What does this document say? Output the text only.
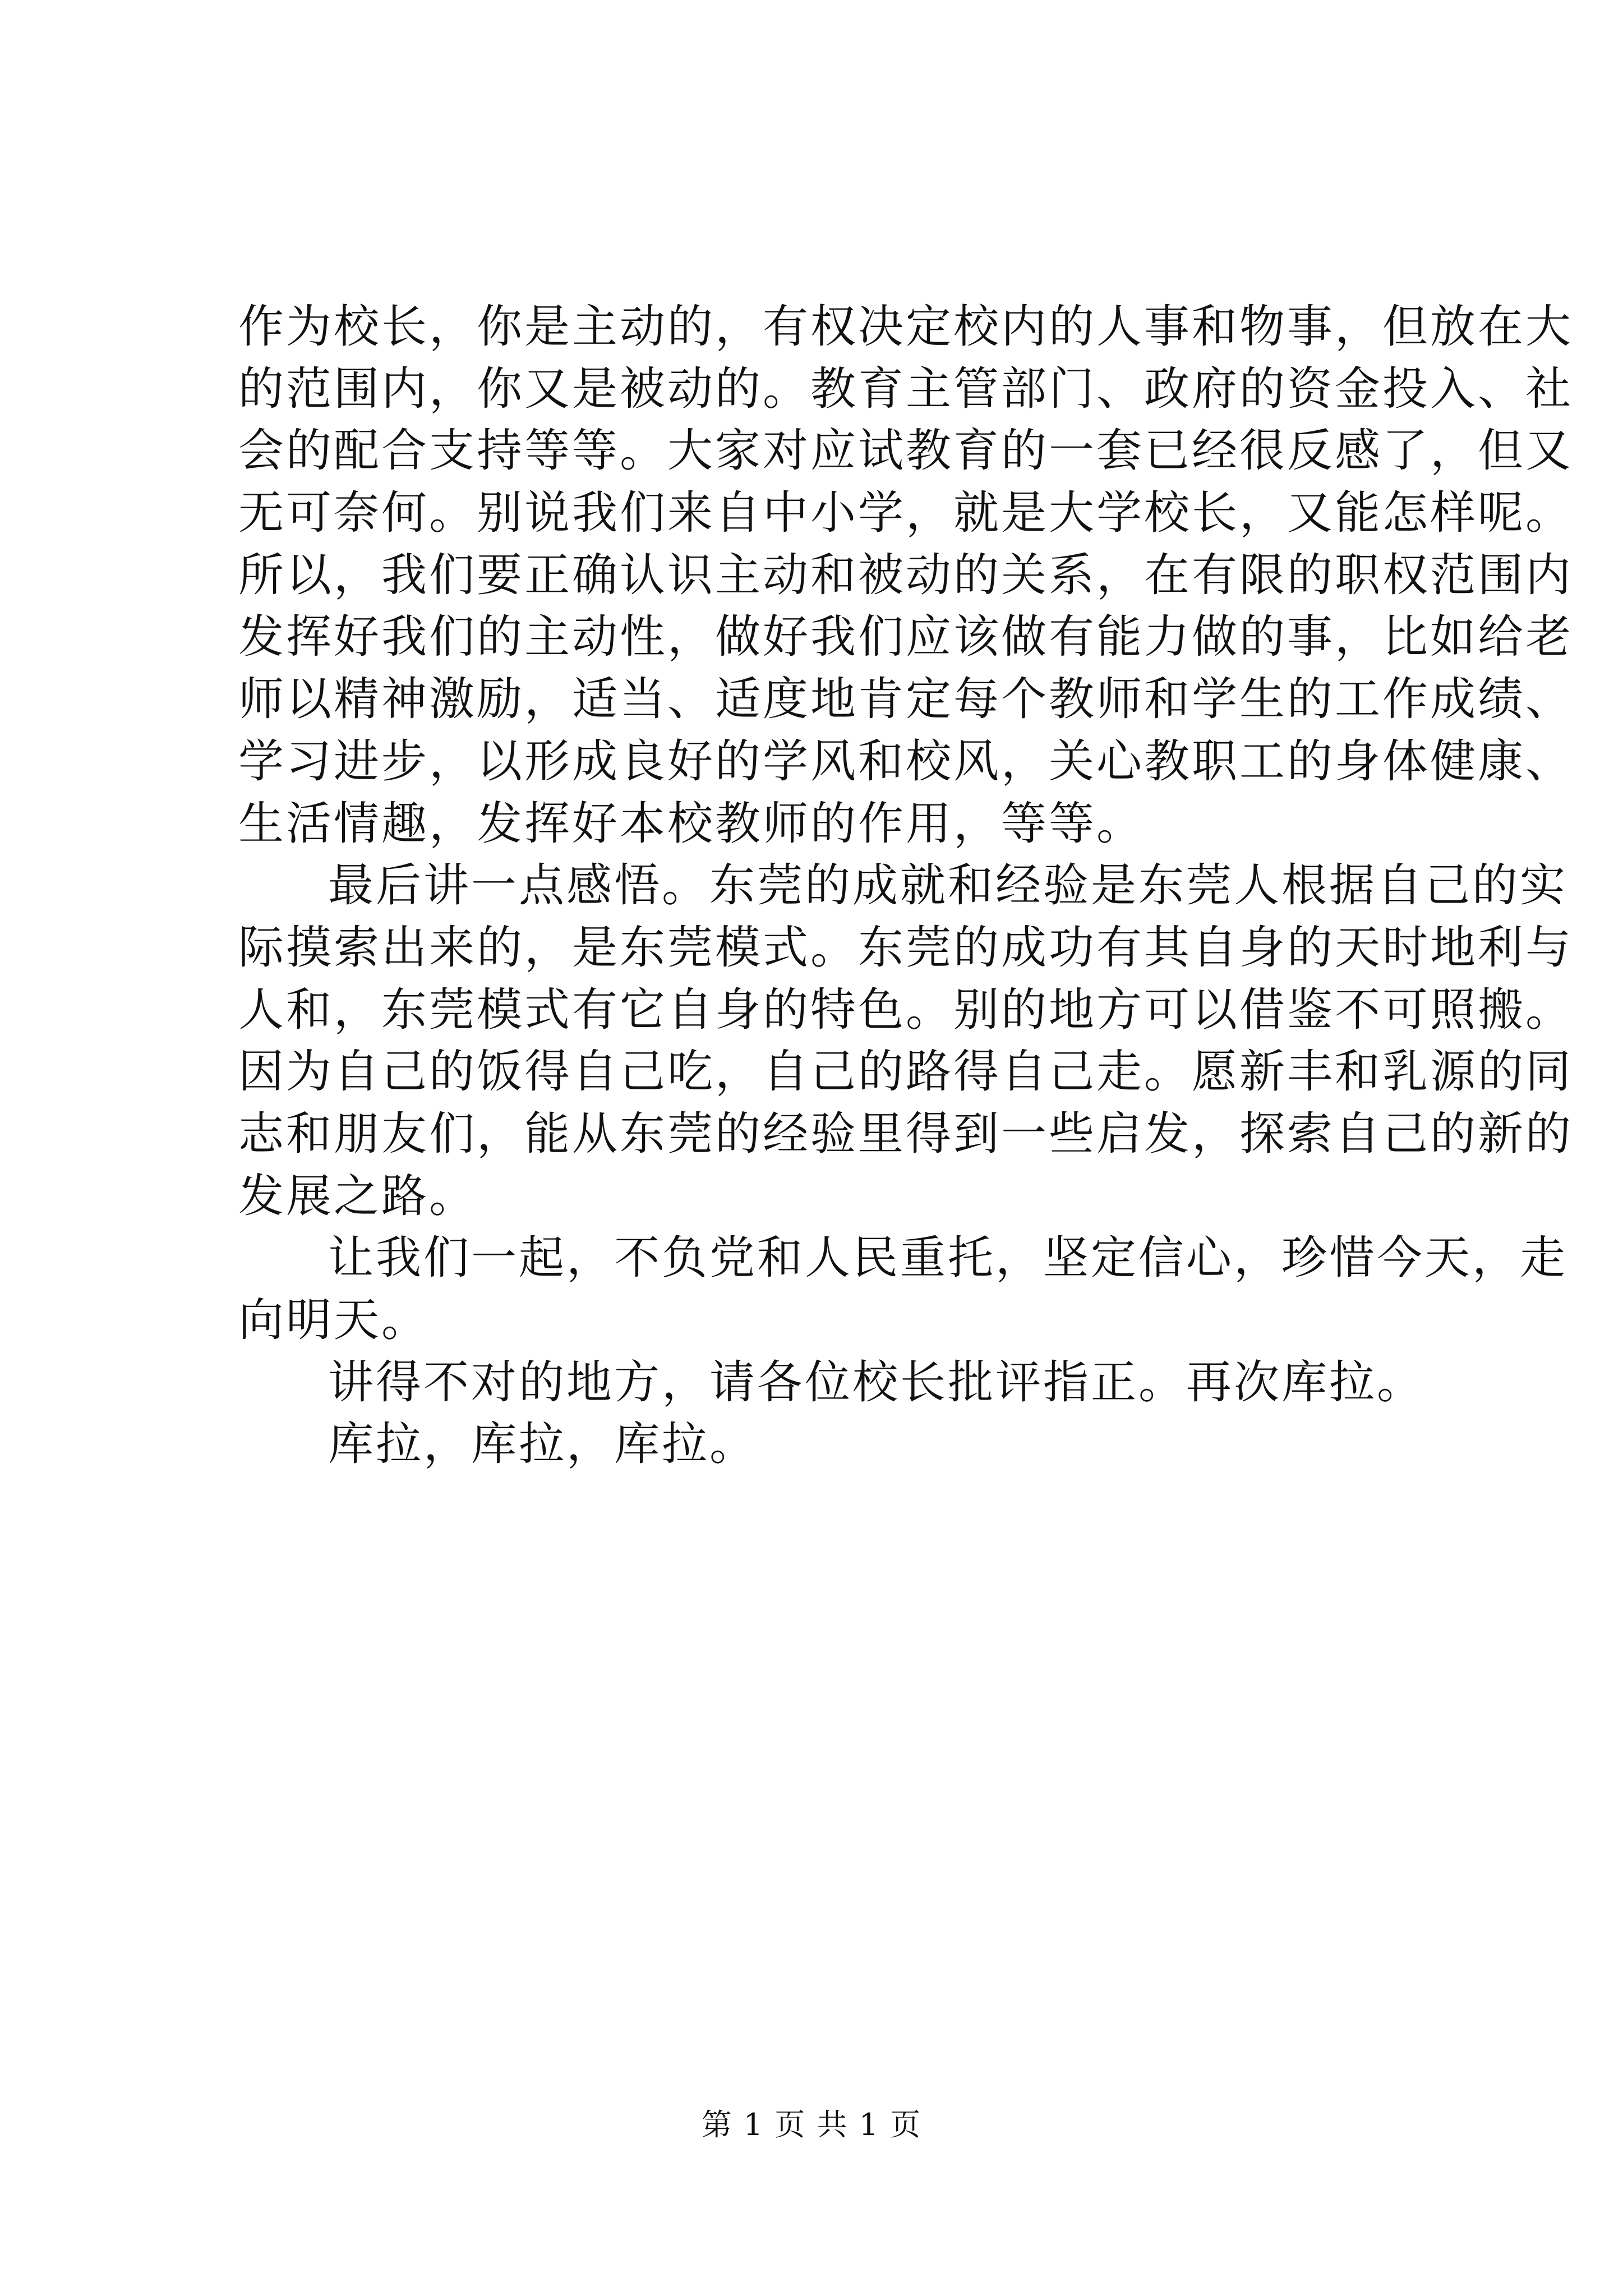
作为校长，你是主动的，有权决定校内的人事和物事，但放在大
的范围内，你又是被动的。教育主管部门、政府的资金投入、社
会的配合支持等等。大家对应试教育的一套已经很反感了，但又
无可奈何。别说我们来自中小学，就是大学校长，又能怎样呢。
所以，我们要正确认识主动和被动的关系，在有限的职权范围内
发挥好我们的主动性，做好我们应该做有能力做的事，比如给老
师以精神激励，适当、适度地肯定每个教师和学生的工作成绩、
学习进步，以形成良好的学风和校风，关心教职工的身体健康、
生活情趣，发挥好本校教师的作用，等等。
最后讲一点感悟。东莞的成就和经验是东莞人根据自己的实
际摸索出来的，是东莞模式。东莞的成功有其自身的天时地利与
人和，东莞模式有它自身的特色。别的地方可以借鉴不可照搬。
因为自己的饭得自己吃，自己的路得自己走。愿新丰和乳源的同
志和朋友们，能从东莞的经验里得到一些启发，探索自己的新的
发展之路。
让我们一起，不负党和人民重托，坚定信心，珍惜今天，走
向明天。
讲得不对的地方，请各位校长批评指正。再次库拉。
库拉，库拉，库拉。
第 1 页 共 1 页
